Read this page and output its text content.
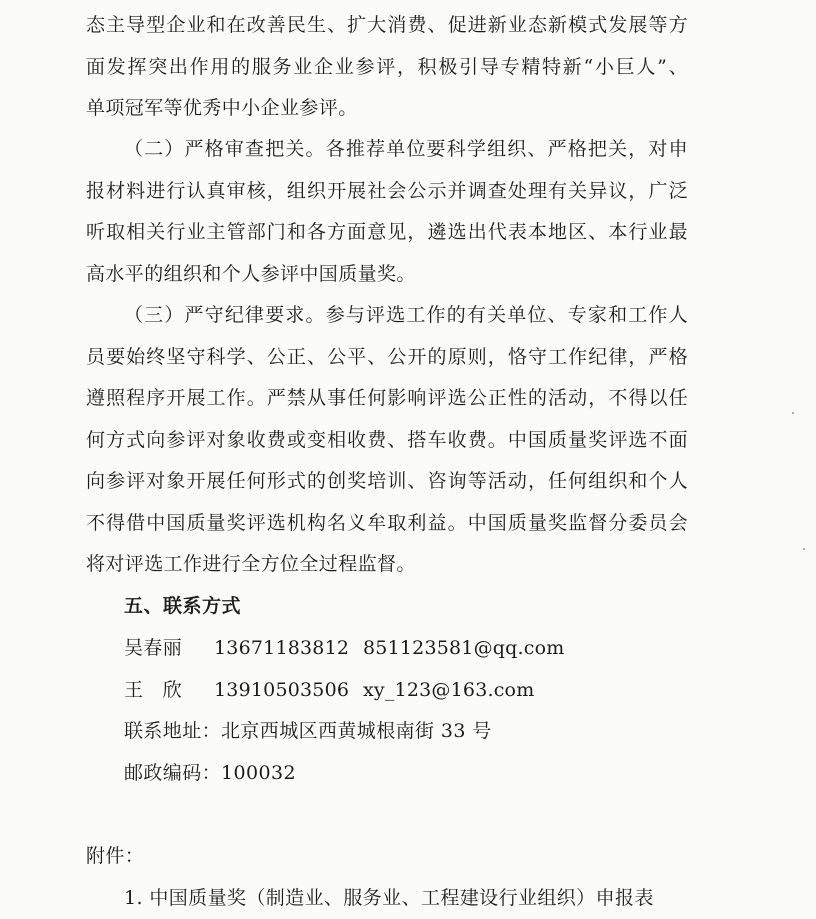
态主导型企业和在改善民生、扩大消费、促进新业态新模式发展等方
面发挥突出作用的服务业企业参评，积极引导专精特新“小巨人”、
单项冠军等优秀中小企业参评。
（二）严格审查把关。各推荐单位要科学组织、严格把关，对申
报材料进行认真审核，组织开展社会公示并调查处理有关异议，广泛
听取相关行业主管部门和各方面意见，遴选出代表本地区、本行业最
高水平的组织和个人参评中国质量奖。
（三）严守纪律要求。参与评选工作的有关单位、专家和工作人
员要始终坚守科学、公正、公平、公开的原则，恪守工作纪律，严格
遵照程序开展工作。严禁从事任何影响评选公正性的活动，不得以任
何方式向参评对象收费或变相收费、搭车收费。中国质量奖评选不面
向参评对象开展任何形式的创奖培训、咨询等活动，任何组织和个人
不得借中国质量奖评选机构名义牟取利益。中国质量奖监督分委员会
将对评选工作进行全方位全过程监督。
五、联系方式
吴春丽 13671183812 851123581@qq.com
王　欣 13910503506 xy_123@163.com
联系地址：北京西城区西黄城根南街 33 号
邮政编码：100032
附件：
1. 中国质量奖（制造业、服务业、工程建设行业组织）申报表
